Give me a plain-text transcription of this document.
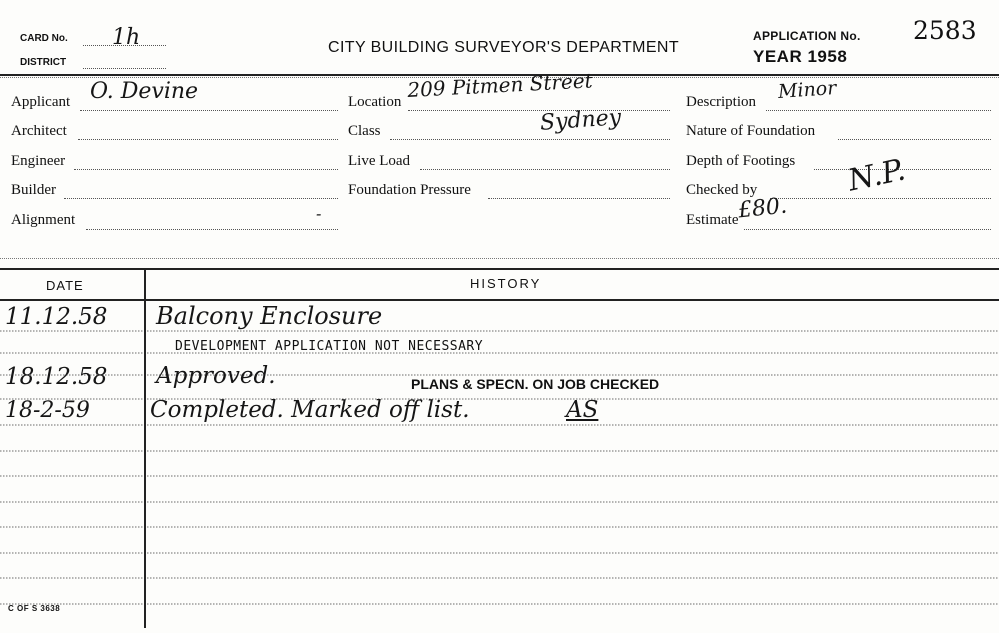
CARD No. 1h
DISTRICT
CITY BUILDING SURVEYOR'S DEPARTMENT
APPLICATION No. 2583
YEAR 1958
Applicant O. Devine
Architect
Engineer
Builder
Alignment	-
Location 209 Pitmen Street
Sydney
Class
Live Load
Foundation Pressure
Description Minor
Nature of Foundation
Depth of Footings
Checked by	N.P.
Estimate
£80.
DATE	HISTORY
11.12.58 Balcony Enclosure
DEVELOPMENT APPLICATION NOT NECESSARY
18.12.58 Approved.	PLANS & SPECN. ON JOB CHECKED
18-2-59	Completed. Marked off list.	AS
C OF S 3638
